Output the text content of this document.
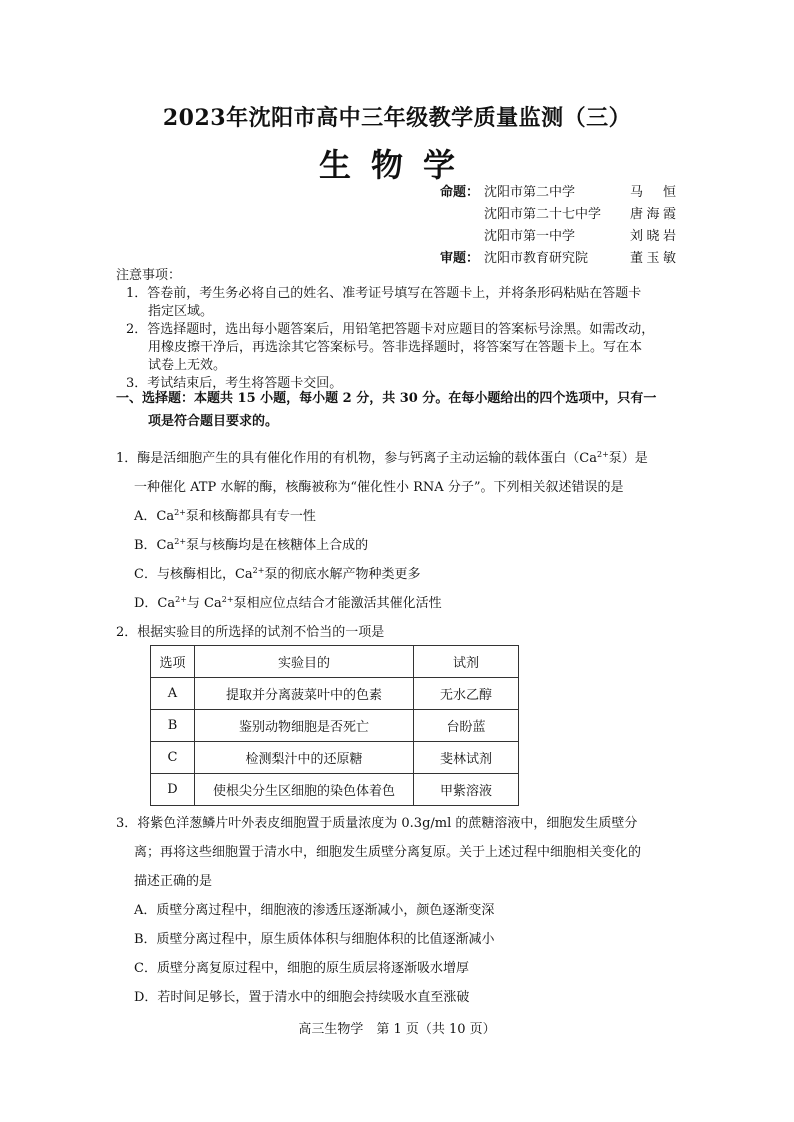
2023年沈阳市高中三年级教学质量监测（三）
生物学
命题： 沈阳市第二中学	马 恒
沈阳市第二十七中学	唐海霞
沈阳市第一中学	刘晓岩
审题： 沈阳市教育研究院	董玉敏
注意事项：
1．答卷前，考生务必将自己的姓名、准考证号填写在答题卡上，并将条形码粘贴在答题卡
指定区域。
2．答选择题时，选出每小题答案后，用铅笔把答题卡对应题目的答案标号涂黑。如需改动，
用橡皮擦干净后，再选涂其它答案标号。答非选择题时，将答案写在答题卡上。写在本
试卷上无效。
3．考试结束后，考生将答题卡交回。
一、选择题：本题共 15 小题，每小题 2 分，共 30 分。在每小题给出的四个选项中，只有一
项是符合题目要求的。
1．酶是活细胞产生的具有催化作用的有机物，参与钙离子主动运输的载体蛋白（$Ca^{2+}$泵）是
一种催化 ATP 水解的酶，核酶被称为“催化性小 RNA 分子”。下列相关叙述错误的是
A．$Ca^{2+}$泵和核酶都具有专一性
B．$Ca^{2+}$泵与核酶均是在核糖体上合成的
C．与核酶相比，$Ca^{2+}$泵的彻底水解产物种类更多
D．$Ca^{2+}$与 $Ca^{2+}$泵相应位点结合才能激活其催化活性
2．根据实验目的所选择的试剂不恰当的一项是
选项	实验目的	试剂
A	提取并分离菠菜叶中的色素	无水乙醇
B	鉴别动物细胞是否死亡	台盼蓝
C	检测梨汁中的还原糖	斐林试剂
D	使根尖分生区细胞的染色体着色	甲紫溶液
3．将紫色洋葱鳞片叶外表皮细胞置于质量浓度为 0.3g/ml 的蔗糖溶液中，细胞发生质壁分
离；再将这些细胞置于清水中，细胞发生质壁分离复原。关于上述过程中细胞相关变化的
描述正确的是
A．质壁分离过程中，细胞液的渗透压逐渐减小，颜色逐渐变深
B．质壁分离过程中，原生质体体积与细胞体积的比值逐渐减小
C．质壁分离复原过程中，细胞的原生质层将逐渐吸水增厚
D．若时间足够长，置于清水中的细胞会持续吸水直至涨破
高三生物学　第 1 页（共 10 页）
